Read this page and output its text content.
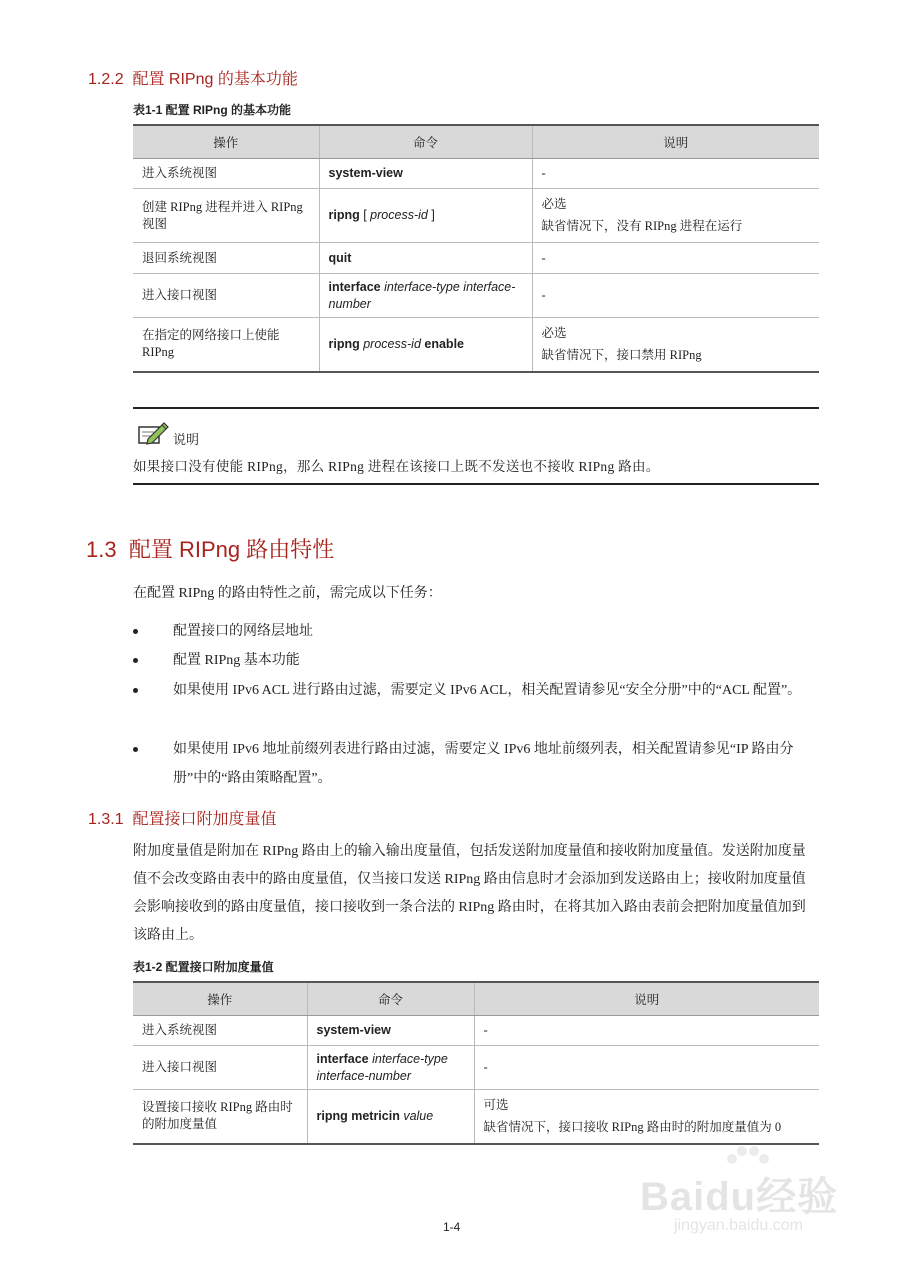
1.2.2 配置 RIPng 的基本功能
表1-1 配置 RIPng 的基本功能
操作	命令	说明
进入系统视图	system-view	-
创建 RIPng 进程并进入 RIPng 视图	ripng [ process-id ]	必选
缺省情况下，没有 RIPng 进程在运行

退回系统视图	quit	-
进入接口视图	interface interface-type interface-number	-
在指定的网络接口上使能 RIPng	ripng process-id enable	必选
缺省情况下，接口禁用 RIPng
说明
如果接口没有使能 RIPng，那么 RIPng 进程在该接口上既不发送也不接收 RIPng 路由。
1.3 配置 RIPng 路由特性
在配置 RIPng 的路由特性之前，需完成以下任务：
配置接口的网络层地址
配置 RIPng 基本功能
如果使用 IPv6 ACL 进行路由过滤，需要定义 IPv6 ACL，相关配置请参见“安全分册”中的“ACL 配置”。
如果使用 IPv6 地址前缀列表进行路由过滤，需要定义 IPv6 地址前缀列表，相关配置请参见“IP 路由分册”中的“路由策略配置”。
1.3.1 配置接口附加度量值
附加度量值是附加在 RIPng 路由上的输入输出度量值，包括发送附加度量值和接收附加度量值。发送附加度量值不会改变路由表中的路由度量值，仅当接口发送 RIPng 路由信息时才会添加到发送路由上；接收附加度量值会影响接收到的路由度量值，接口接收到一条合法的 RIPng 路由时，在将其加入路由表前会把附加度量值加到该路由上。
表1-2 配置接口附加度量值
操作	命令	说明
进入系统视图	system-view	-
进入接口视图	interface interface-type interface-number	-
设置接口接收 RIPng 路由时的附加度量值	ripng metricin value	可选
缺省情况下，接口接收 RIPng 路由时的附加度量值为 0
Baidu经验
jingyan.baidu.com
1-4
